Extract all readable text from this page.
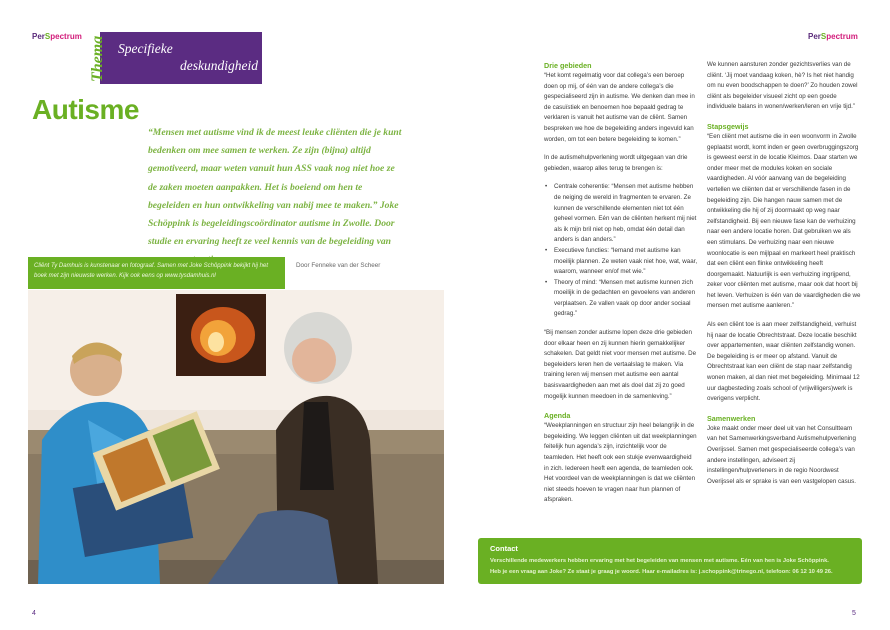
PerSpectrum	PerSpectrum
Thema Specifieke
deskundigheid
Autisme
“Mensen met autisme vind ik de meest leuke cliënten die je kunt bedenken om mee samen te werken. Ze zijn (bijna) altijd gemotiveerd, maar weten vanuit hun ASS vaak nog niet hoe ze de zaken moeten aanpakken. Het is boeiend om hen te begeleiden en hun ontwikkeling van nabij mee te maken.” Joke Schöppink is begeleidingscoördinator autisme in Zwolle. Door studie en ervaring heeft ze veel kennis van de begeleiding van

Cliënt Ty Damhuis is kunstenaar en fotograaf. Samen met Joke Schöppink bekijkt hij het boek met zijn nieuwste werken. Kijk ook eens op www.tysdamhuis.nl

Door Fenneke van der Scheer
Drie gebieden

“Het komt regelmatig voor dat collega’s een beroep doen op mij, of één van de andere collega’s die gespecialiseerd zijn in autisme. We denken dan mee in de casuïstiek en benoemen hoe bepaald gedrag te verklaren is vanuit het autisme van de cliënt. Samen bespreken we hoe de begeleiding anders ingevuld kan worden, om tot een betere begeleiding te komen.”

In de autismehulpverlening wordt uitgegaan van drie gebieden, waarop alles terug te brengen is:

• Centrale coherentie: “Mensen met autisme hebben de neiging de wereld in fragmenten te ervaren. Ze kunnen de verschillende elementen niet tot één geheel vormen. Eén van de cliënten herkent mij niet als ik mijn bril niet op heb, omdat één detail dan anders is dan anders.”
• Executieve functies: “Iemand met autisme kan moeilijk plannen. Ze weten vaak niet hoe, wat, waar, waarom, wanneer en/of met wie.”
• Theory of mind: “Mensen met autisme kunnen zich moeilijk in de gedachten en gevoelens van anderen verplaatsen. Ze vallen vaak op door ander sociaal gedrag.”

“Bij mensen zonder autisme lopen deze drie gebieden door elkaar heen en zij kunnen hierin gemakkelijker schakelen. Dat geldt niet voor mensen met autisme. De begeleiders leren hen de vertaalslag te maken. Via training leren wij mensen met autisme een aantal basisvaardigheden aan met als doel dat zij zo goed mogelijk kunnen meedoen in de samenleving.”

Agenda

“Weekplanningen en structuur zijn heel belangrijk in de begeleiding. We leggen cliënten uit dat weekplanningen feitelijk hun agenda’s zijn, inzichtelijk voor de teamleden. Het heeft ook een stukje evenwaardigheid in zich. Iedereen heeft een agenda, de teamleden ook. Het voordeel van de weekplanningen is dat we cliënten niet steeds hoeven te vragen naar hun plannen of afspraken.

We kunnen aansturen zonder gezichtsverlies van de cliënt. ‘Jij moet vandaag koken, hè? Is het niet handig om nu even boodschappen te doen?’ Zo houden zowel cliënt als begeleider visueel zicht op een goede individuele balans in wonen/werken/leren en vrije tijd.”

Stapsgewijs

“Een cliënt met autisme die in een woonvorm in Zwolle geplaatst wordt, komt inden er geen overbruggingszorg is geweest eerst in de locatie Kleimos. Daar starten we onder meer met de modules koken en sociale vaardigheden. Al vóór aanvang van de begeleiding vertellen we cliënten dat er verschillende fasen in de begeleiding zijn. Die hangen nauw samen met de ontwikkeling die hij of zij doormaakt op weg naar zelfstandigheid. Bij een nieuwe fase kan de verhuizing naar een andere locatie horen. Dat gebruiken we als een stimulans. De verhuizing naar een nieuwe woonlocatie is een mijlpaal en markeert heel praktisch dat een cliënt een flinke ontwikkeling heeft doorgemaakt. Natuurlijk is een verhuizing ingrijpend, zeker voor cliënten met autisme, maar ook dat hoort bij het leven. Verhuizen is één van de vaardigheden die we mensen met autisme aanleren.”

Als een cliënt toe is aan meer zelfstandigheid, verhuist hij naar de locatie Obrechtstraat. Deze locatie beschikt over appartementen, waar cliënten zelfstandig wonen. De begeleiding is er meer op afstand. Vanuit de Obrechtstraat kan een cliënt de stap naar zelfstandig wonen maken, al dan niet met begeleiding. Minimaal 12 uur dagbesteding zoals school of (vrijwilligers)werk is overigens verplicht.

Samenwerken

Joke maakt onder meer deel uit van het Consultteam van het Samenwerkingsverband Autismehulpverlening Overijssel. Samen met gespecialiseerde collega’s van andere instellingen, adviseert zij instellingen/hulpverleners in de regio Noordwest Overijssel als er sprake is van een vastgelopen casus.

Contact

Verschillende medewerkers hebben ervaring met het begeleiden van mensen met autisme. Eén van hen is Joke Schöppink.

Heb je een vraag aan Joke? Ze staat je graag je woord. Haar e-mailadres is: j.schoppink@trinego.nl, telefoon: 06 12 10 49 26.

4	5
